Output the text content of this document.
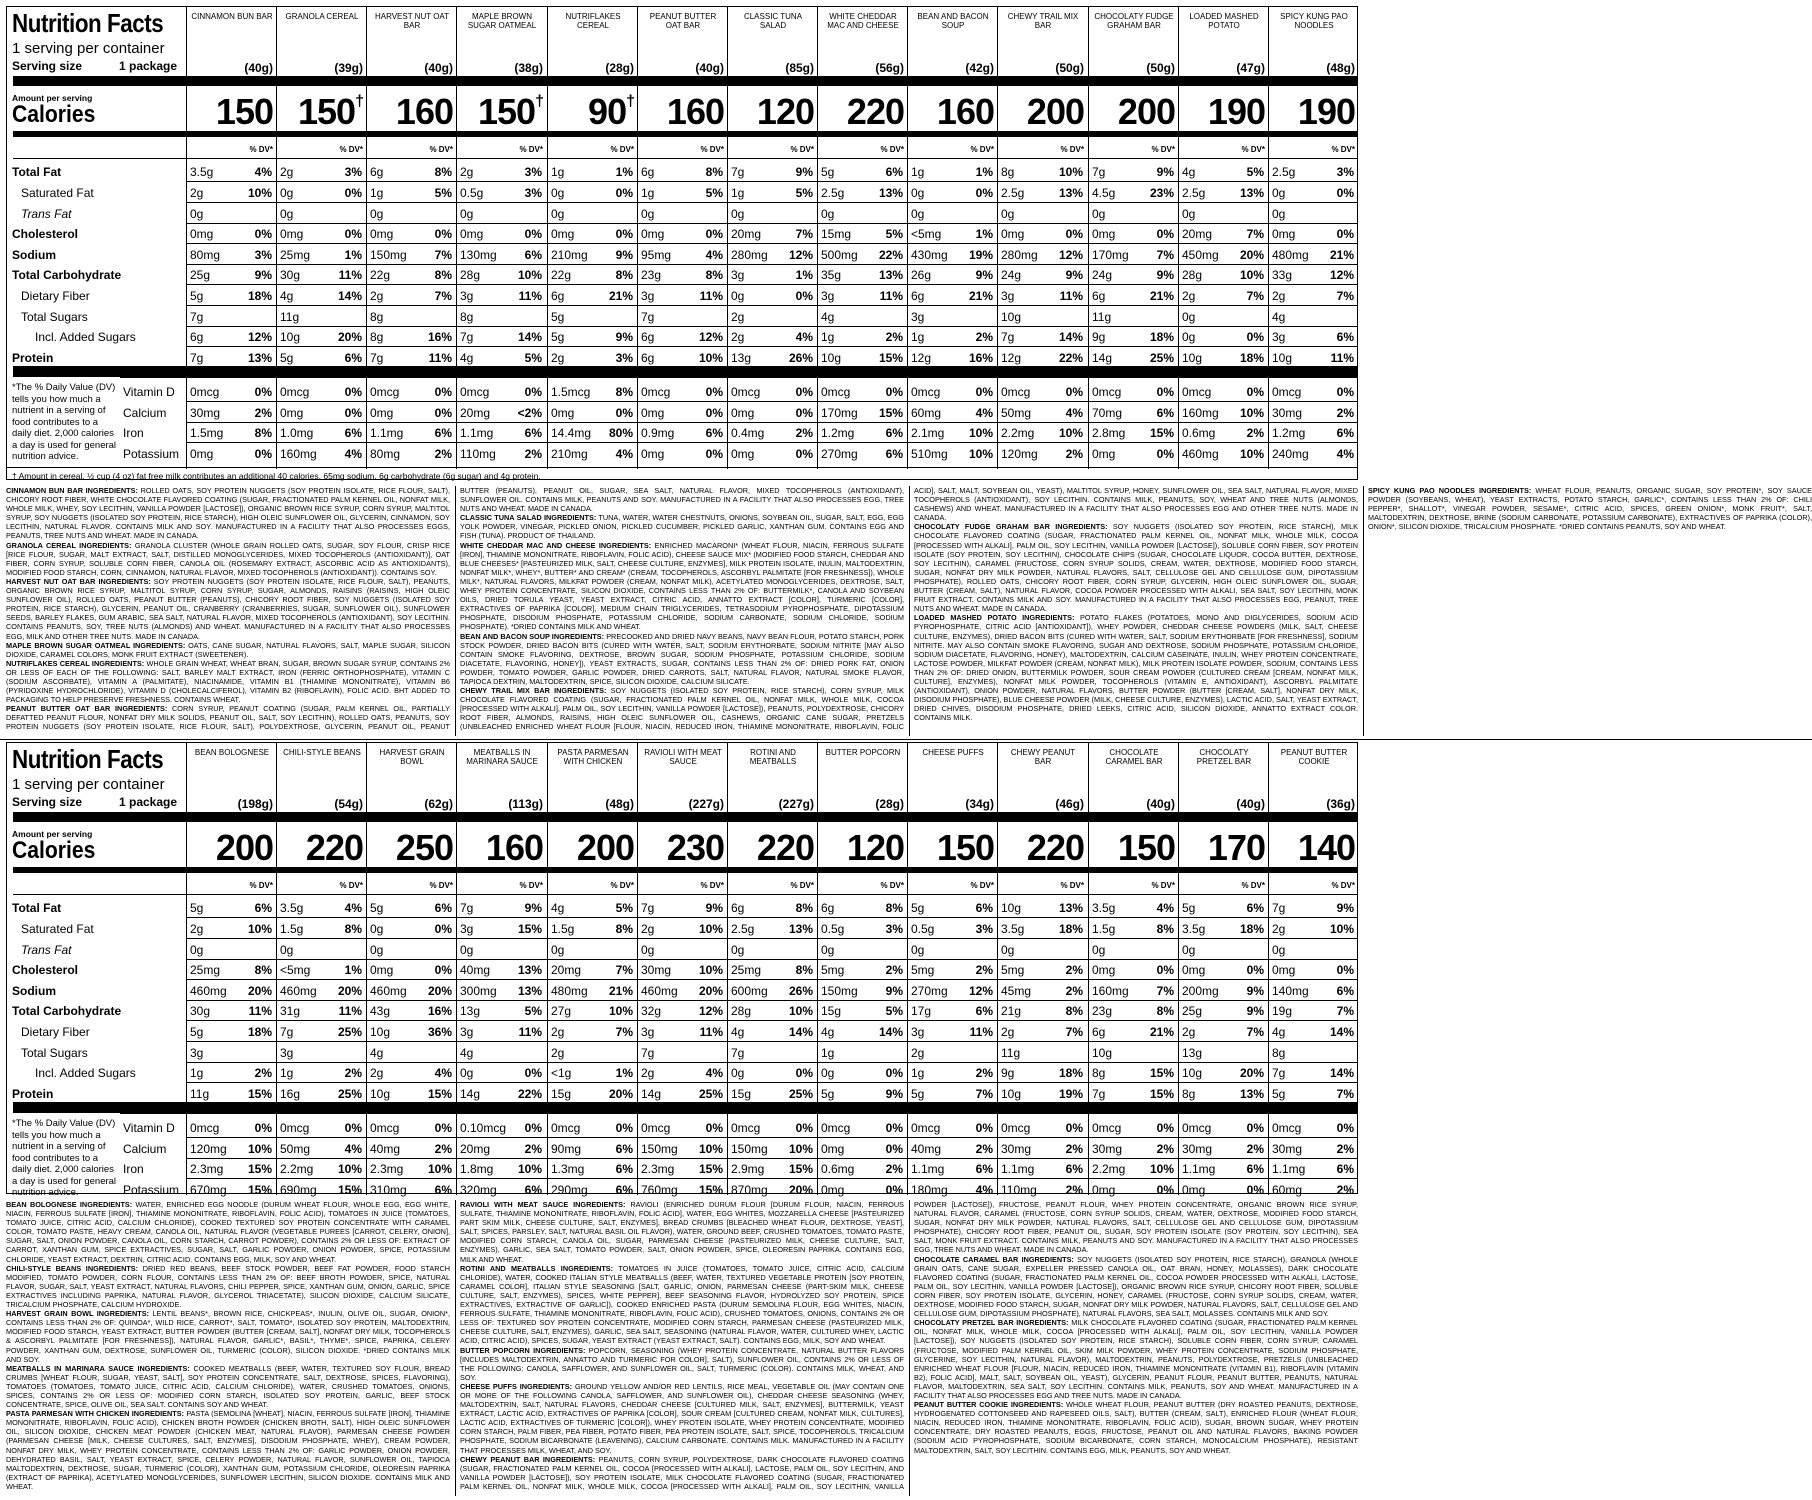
Nutrition Facts
1 serving per container
Serving size	1 package
Amount per serving
Calories
Total Fat
Saturated Fat
Trans Fat
Cholesterol
Sodium
Total Carbohydrate
Dietary Fiber
Total Sugars
Incl. Added Sugars
Protein
Vitamin D
Calcium
Iron
Potassium
*The % Daily Value (DV) tells you how much a nutrient in a serving of food contributes to a daily diet. 2,000 calories a day is used for general nutrition advice.
CINNAMON BUN BAR
(40g)
150
% DV*
3.5g	4%
2g	10%
0g
0mg	0%
80mg	3%
25g	9%
5g	18%
7g
6g	12%
7g	13%
0mcg	0%
30mg	2%
1.5mg	8%
0mg	0%
GRANOLA CEREAL
(39g)
150†
% DV*
2g	3%
0g	0%
0g
0mg	0%
25mg	1%
30g	11%
4g	14%
11g
10g	20%
5g	6%
0mcg	0%
0mg	0%
1.0mg	6%
160mg	4%
HARVEST NUT OAT BAR
(40g)
160
% DV*
6g	8%
1g	5%
0g
0mg	0%
150mg	7%
22g	8%
2g	7%
8g
8g	16%
7g	11%
0mcg	0%
0mg	0%
1.1mg	6%
80mg	2%
MAPLE BROWN SUGAR OATMEAL
(38g)
150†
% DV*
2g	3%
0.5g	3%
0g
0mg	0%
130mg	6%
28g	10%
3g	11%
8g
7g	14%
4g	5%
0mcg	0%
20mg	<2%
1.1mg	6%
110mg	2%
NUTRIFLAKES CEREAL
(28g)
90†
% DV*
1g	1%
0g	0%
0g
0mg	0%
210mg	9%
22g	8%
6g	21%
5g
5g	9%
2g	3%
1.5mcg	8%
0mg	0%
14.4mg	80%
210mg	4%
PEANUT BUTTER OAT BAR
(40g)
160
% DV*
6g	8%
1g	5%
0g
0mg	0%
95mg	4%
23g	8%
3g	11%
7g
6g	12%
6g	10%
0mcg	0%
0mg	0%
0.9mg	6%
0mg	0%
CLASSIC TUNA SALAD
(85g)
120
% DV*
7g	9%
1g	5%
0g
20mg	7%
280mg	12%
3g	1%
0g	0%
2g
2g	4%
13g	26%
0mcg	0%
0mg	0%
0.4mg	2%
0mg	0%
WHITE CHEDDAR MAC AND CHEESE
(56g)
220
% DV*
5g	6%
2.5g	13%
0g
15mg	5%
500mg	22%
35g	13%
3g	11%
4g
1g	2%
10g	15%
0mcg	0%
170mg	15%
1.2mg	6%
270mg	6%
BEAN AND BACON SOUP
(42g)
160
% DV*
1g	1%
0g	0%
0g
<5mg	1%
430mg	19%
26g	9%
6g	21%
3g
1g	2%
12g	16%
0mcg	0%
60mg	4%
2.1mg	10%
510mg	10%
CHEWY TRAIL MIX BAR
(50g)
200
% DV*
8g	10%
2.5g	13%
0g
0mg	0%
280mg	12%
24g	9%
3g	11%
10g
7g	14%
12g	22%
0mcg	0%
50mg	4%
2.2mg	10%
120mg	2%
CHOCOLATY FUDGE GRAHAM BAR
(50g)
200
% DV*
7g	9%
4.5g	23%
0g
0mg	0%
170mg	7%
24g	9%
6g	21%
11g
9g	18%
14g	25%
0mcg	0%
70mg	6%
2.8mg	15%
0mg	0%
LOADED MASHED POTATO
(47g)
190
% DV*
4g	5%
2.5g	13%
0g
20mg	7%
450mg	20%
28g	10%
2g	7%
0g
0g	0%
10g	18%
0mcg	0%
160mg	10%
0.6mg	2%
460mg	10%
SPICY KUNG PAO NOODLES
(48g)
190
% DV*
2.5g	3%
0g	0%
0g
0mg	0%
480mg	21%
33g	12%
2g	7%
4g
3g	6%
10g	11%
0mcg	0%
30mg	2%
1.2mg	6%
240mg	4%
† Amount in cereal. ½ cup (4 oz) fat free milk contributes an additional 40 calories, 65mg sodium, 6g carbohydrate (6g sugar) and 4g protein.

CINNAMON BUN BAR INGREDIENTS: ROLLED OATS, SOY PROTEIN NUGGETS (SOY PROTEIN ISOLATE, RICE FLOUR, SALT), CHICORY ROOT FIBER, WHITE CHOCOLATE FLAVORED COATING (SUGAR, FRACTIONATED PALM KERNEL OIL, NONFAT MILK, WHOLE MILK, WHEY, SOY LECITHIN, VANILLA POWDER [LACTOSE]), ORGANIC BROWN RICE SYRUP, CORN SYRUP, MALTITOL SYRUP, SOY NUGGETS (ISOLATED SOY PROTEIN, RICE STARCH), HIGH OLEIC SUNFLOWER OIL, GLYCERIN, CINNAMON, SOY LECITHIN, NATURAL FLAVOR. CONTAINS MILK AND SOY. MANUFACTURED IN A FACILITY THAT ALSO PROCESSES EGGS, PEANUTS, TREE NUTS AND WHEAT. MADE IN CANADA.

GRANOLA CEREAL INGREDIENTS: GRANOLA CLUSTER (WHOLE GRAIN ROLLED OATS, SUGAR, SOY FLOUR, CRISP RICE [RICE FLOUR, SUGAR, MALT EXTRACT, SALT, DISTILLED MONOGLYCERIDES, MIXED TOCOPHEROLS (ANTIOXIDANT)], OAT FIBER, CORN SYRUP, SOLUBLE CORN FIBER, CANOLA OIL (ROSEMARY EXTRACT, ASCORBIC ACID AS ANTIOXIDANTS), MODIFIED FOOD STARCH, CORN, CINNAMON, NATURAL FLAVOR, MIXED TOCOPHEROLS (ANTIOXIDANT)). CONTAINS SOY.

HARVEST NUT OAT BAR INGREDIENTS: SOY PROTEIN NUGGETS (SOY PROTEIN ISOLATE, RICE FLOUR, SALT), PEANUTS, ORGANIC BROWN RICE SYRUP, MALTITOL SYRUP, CORN SYRUP, SUGAR, ALMONDS, RAISINS (RAISINS, HIGH OLEIC SUNFLOWER OIL), ROLLED OATS, PEANUT BUTTER (PEANUTS), CHICORY ROOT FIBER, SOY NUGGETS (ISOLATED SOY PROTEIN, RICE STARCH), GLYCERIN, PEANUT OIL, CRANBERRY (CRANBERRIES, SUGAR, SUNFLOWER OIL), SUNFLOWER SEEDS, BARLEY FLAKES, GUM ARABIC, SEA SALT, NATURAL FLAVOR, MIXED TOCOPHEROLS (ANTIOXIDANT), SOY LECITHIN. CONTAINS PEANUTS, SOY, TREE NUTS (ALMONDS) AND WHEAT. MANUFACTURED IN A FACILITY THAT ALSO PROCESSES EGG, MILK AND OTHER TREE NUTS. MADE IN CANADA.

MAPLE BROWN SUGAR OATMEAL INGREDIENTS: OATS, CANE SUGAR, NATURAL FLAVORS, SALT, MAPLE SUGAR, SILICON DIOXIDE, CARAMEL COLORS, MONK FRUIT EXTRACT (SWEETENER).

NUTRIFLAKES CEREAL INGREDIENTS: WHOLE GRAIN WHEAT, WHEAT BRAN, SUGAR, BROWN SUGAR SYRUP, CONTAINS 2% OR LESS OF EACH OF THE FOLLOWING: SALT, BARLEY MALT EXTRACT, IRON (FERRIC ORTHOPHOSPHATE), VITAMIN C (SODIUM ASCORBATE), VITAMIN A (PALMITATE), NIACINAMIDE, VITAMIN B1 (THIAMINE MONONITRATE), VITAMIN B6 (PYRIDOXINE HYDROCHLORIDE), VITAMIN D (CHOLECALCIFEROL), VITAMIN B2 (RIBOFLAVIN), FOLIC ACID. BHT ADDED TO PACKAGING TO HELP PRESERVE FRESHNESS. CONTAINS WHEAT.

PEANUT BUTTER OAT BAR INGREDIENTS: CORN SYRUP, PEANUT COATING (SUGAR, PALM KERNEL OIL, PARTIALLY DEFATTED PEANUT FLOUR, NONFAT DRY MILK SOLIDS, PEANUT OIL, SALT, SOY LECITHIN), ROLLED OATS, PEANUTS, SOY PROTEIN NUGGETS (SOY PROTEIN ISOLATE, RICE FLOUR, SALT), POLYDEXTROSE, GLYCERIN, PEANUT OIL, PEANUT BUTTER (PEANUTS), PEANUT OIL, SUGAR, SEA SALT, NATURAL FLAVOR, MIXED TOCOPHEROLS (ANTIOXIDANT), SUNFLOWER OIL. CONTAINS MILK, PEANUTS AND SOY. MANUFACTURED IN A FACILITY THAT ALSO PROCESSES EGG, TREE NUTS AND WHEAT. MADE IN CANADA.

CLASSIC TUNA SALAD INGREDIENTS: TUNA, WATER, WATER CHESTNUTS, ONIONS, SOYBEAN OIL, SUGAR, SALT, EGG, EGG YOLK POWDER, VINEGAR, PICKLED ONION, PICKLED CUCUMBER, PICKLED GARLIC, XANTHAN GUM. CONTAINS EGG AND FISH (TUNA). PRODUCT OF THAILAND.

WHITE CHEDDAR MAC AND CHEESE INGREDIENTS: ENRICHED MACARONI* (WHEAT FLOUR, NIACIN, FERROUS SULFATE [IRON], THIAMINE MONONITRATE, RIBOFLAVIN, FOLIC ACID), CHEESE SAUCE MIX* (MODIFIED FOOD STARCH, CHEDDAR AND BLUE CHEESES* [PASTEURIZED MILK, SALT, CHEESE CULTURE, ENZYMES], MILK PROTEIN ISOLATE, INULIN, MALTODEXTRIN, NONFAT MILK*, WHEY*, BUTTER* AND CREAM* (CREAM, TOCOPHEROLS, ASCORBYL PALMITATE [FOR FRESHNESS]), WHOLE MILK*, NATURAL FLAVORS, MILKFAT POWDER (CREAM, NONFAT MILK), ACETYLATED MONOGLYCERIDES, DEXTROSE, SALT, WHEY PROTEIN CONCENTRATE, SILICON DIOXIDE, CONTAINS LESS THAN 2% OF: BUTTERMILK*, CANOLA AND SOYBEAN OILS, DRIED TORULA YEAST, YEAST EXTRACT, CITRIC ACID, ANNATTO EXTRACT [COLOR], TURMERIC [COLOR], EXTRACTIVES OF PAPRIKA [COLOR], MEDIUM CHAIN TRIGLYCERIDES, TETRASODIUM PYROPHOSPHATE, DIPOTASSIUM PHOSPHATE, DISODIUM PHOSPHATE, POTASSIUM CHLORIDE, SODIUM CARBONATE, SODIUM CHLORIDE, SODIUM PHOSPHATE). *DRIED CONTAINS MILK AND WHEAT.

BEAN AND BACON SOUP INGREDIENTS: PRECOOKED AND DRIED NAVY BEANS, NAVY BEAN FLOUR, POTATO STARCH, PORK STOCK POWDER, DRIED BACON BITS (CURED WITH WATER, SALT, SODIUM ERYTHORBATE, SODIUM NITRITE [MAY ALSO CONTAIN SMOKE FLAVORING, DEXTROSE, BROWN SUGAR, SODIUM PHOSPHATE, POTASSIUM CHLORIDE, SODIUM DIACETATE, FLAVORING, HONEY]), YEAST EXTRACTS, SUGAR, CONTAINS LESS THAN 2% OF: DRIED PORK FAT, ONION POWDER, TOMATO POWDER, GARLIC POWDER, DRIED CARROTS, SALT, NATURAL FLAVOR, NATURAL SMOKE FLAVOR, TAPIOCA DEXTRIN, MALTODEXTRIN, SPICE, SILICON DIOXIDE, CALCIUM SILICATE.

CHEWY TRAIL MIX BAR INGREDIENTS: SOY NUGGETS (ISOLATED SOY PROTEIN, RICE STARCH), CORN SYRUP, MILK CHOCOLATE FLAVORED COATING (SUGAR, FRACTIONATED PALM KERNEL OIL, NONFAT MILK, WHOLE MILK, COCOA [PROCESSED WITH ALKALI], PALM OIL, SOY LECITHIN, VANILLA POWDER [LACTOSE]), PEANUTS, POLYDEXTROSE, CHICORY ROOT FIBER, ALMONDS, RAISINS, HIGH OLEIC SUNFLOWER OIL, CASHEWS, ORGANIC CANE SUGAR, PRETZELS (UNBLEACHED ENRICHED WHEAT FLOUR [FLOUR, NIACIN, REDUCED IRON, THIAMINE MONONITRATE, RIBOFLAVIN, FOLIC ACID], SALT, MALT, SOYBEAN OIL, YEAST), MALTITOL SYRUP, HONEY, SUNFLOWER OIL, SEA SALT, NATURAL FLAVOR, MIXED TOCOPHEROLS (ANTIOXIDANT), SOY LECITHIN. CONTAINS MILK, PEANUTS, SOY, WHEAT AND TREE NUTS (ALMONDS, CASHEWS) AND WHEAT. MANUFACTURED IN A FACILITY THAT ALSO PROCESSES EGG AND OTHER TREE NUTS. MADE IN CANADA.

CHOCOLATY FUDGE GRAHAM BAR INGREDIENTS: SOY NUGGETS (ISOLATED SOY PROTEIN, RICE STARCH), MILK CHOCOLATE FLAVORED COATING (SUGAR, FRACTIONATED PALM KERNEL OIL, NONFAT MILK, WHOLE MILK, COCOA [PROCESSED WITH ALKALI], PALM OIL, SOY LECITHIN, VANILLA POWDER [LACTOSE]), SOLUBLE CORN FIBER, SOY PROTEIN ISOLATE (SOY PROTEIN, SOY LECITHIN), CHOCOLATE CHIPS (SUGAR, CHOCOLATE LIQUOR, COCOA BUTTER, DEXTROSE, SOY LECITHIN), CARAMEL (FRUCTOSE, CORN SYRUP SOLIDS, CREAM, WATER, DEXTROSE, MODIFIED FOOD STARCH, SUGAR, NONFAT DRY MILK POWDER, NATURAL FLAVORS, SALT, CELLULOSE GEL AND CELLULOSE GUM, DIPOTASSIUM PHOSPHATE), ROLLED OATS, CHICORY ROOT FIBER, CORN SYRUP, GLYCERIN, HIGH OLEIC SUNFLOWER OIL, SUGAR, BUTTER (CREAM, SALT), NATURAL FLAVOR, COCOA POWDER PROCESSED WITH ALKALI, SEA SALT, SOY LECITHIN, MONK FRUIT EXTRACT. CONTAINS MILK AND SOY. MANUFACTURED IN A FACILITY THAT ALSO PROCESSES EGG, PEANUT, TREE NUTS AND WHEAT. MADE IN CANADA.

LOADED MASHED POTATO INGREDIENTS: POTATO FLAKES (POTATOES, MONO AND DIGLYCERIDES, SODIUM ACID PYROPHOSPHATE, CITRIC ACID [ANTIOXIDANT]), WHEY POWDER, CHEDDAR CHEESE POWDERS (MILK, SALT, CHEESE CULTURE, ENZYMES), DRIED BACON BITS (CURED WITH WATER, SALT, SODIUM ERYTHORBATE [FOR FRESHNESS], SODIUM NITRITE. MAY ALSO CONTAIN SMOKE FLAVORING, SUGAR AND DEXTROSE, SODIUM PHOSPHATE, POTASSIUM CHLORIDE, SODIUM DIACETATE, FLAVORING, HONEY), MALTODEXTRIN, CALCIUM CASEINATE, INULIN, WHEY PROTEIN CONCENTRATE, LACTOSE POWDER, MILKFAT POWDER (CREAM, NONFAT MILK), MILK PROTEIN ISOLATE POWDER, SODIUM, CONTAINS LESS THAN 2% OF: DRIED ONION, BUTTERMILK POWDER, SOUR CREAM POWDER (CULTURED CREAM [CREAM, NONFAT MILK, CULTURE], ENZYMES), NONFAT MILK POWDER, TOCOPHEROLS (VITAMIN E, ANTIOXIDANT), ASCORBYL PALMITATE (ANTIOXIDANT), ONION POWDER, NATURAL FLAVORS, BUTTER POWDER (BUTTER [CREAM, SALT], NONFAT DRY MILK, DISODIUM PHOSPHATE), BLUE CHEESE POWDER (MILK, CHEESE CULTURE, ENZYMES), LACTIC ACID, SALT, YEAST EXTRACT, DRIED CHIVES, DISODIUM PHOSPHATE, DRIED LEEKS, CITRIC ACID, SILICON DIOXIDE, ANNATTO EXTRACT COLOR. CONTAINS MILK.

SPICY KUNG PAO NOODLES INGREDIENTS: WHEAT FLOUR, PEANUTS, ORGANIC SUGAR, SOY PROTEIN*, SOY SAUCE POWDER (SOYBEANS, WHEAT), YEAST EXTRACTS, POTATO STARCH, GARLIC*, CONTAINS LESS THAN 2% OF: CHILI PEPPER*, SHALLOT*, VINEGAR POWDER, SESAME*, CITRIC ACID, SPICES, GREEN ONION*, MONK FRUIT*, SALT, MALTODEXTRIN, DEXTROSE, BRINE (SODIUM CARBONATE, POTASSIUM CARBONATE), EXTRACTIVES OF PAPRIKA (COLOR), ONION*, SILICON DIOXIDE, TRICALCIUM PHOSPHATE. *DRIED CONTAINS PEANUTS, SOY AND WHEAT.

Nutrition Facts
1 serving per container
Serving size	1 package
Amount per serving
Calories
Total Fat
Saturated Fat
Trans Fat
Cholesterol
Sodium
Total Carbohydrate
Dietary Fiber
Total Sugars
Incl. Added Sugars
Protein
Vitamin D
Calcium
Iron
Potassium
*The % Daily Value (DV) tells you how much a nutrient in a serving of food contributes to a daily diet. 2,000 calories a day is used for general nutrition advice.
BEAN BOLOGNESE
(198g)
200
% DV*
5g	6%
2g	10%
0g
25mg	8%
460mg	20%
30g	11%
5g	18%
3g
1g	2%
11g	15%
0mcg	0%
120mg	10%
2.3mg	15%
670mg	15%
CHILI-STYLE BEANS
(54g)
220
% DV*
3.5g	4%
1.5g	8%
0g
<5mg	1%
460mg	20%
31g	11%
7g	25%
3g
1g	2%
16g	25%
0mcg	0%
50mg	4%
2.2mg	10%
690mg	15%
HARVEST GRAIN BOWL
(62g)
250
% DV*
5g	6%
0g	0%
0g
0mg	0%
460mg	20%
43g	16%
10g	36%
4g
2g	4%
10g	15%
0mcg	0%
40mg	2%
2.3mg	10%
310mg	6%
MEATBALLS IN MARINARA SAUCE
(113g)
160
% DV*
7g	9%
3g	15%
0g
40mg	13%
300mg	13%
13g	5%
3g	11%
4g
0g	0%
14g	22%
0.10mcg	0%
20mg	2%
1.8mg	10%
320mg	6%
PASTA PARMESAN WITH CHICKEN
(48g)
200
% DV*
4g	5%
1.5g	8%
0g
20mg	7%
480mg	21%
27g	10%
2g	7%
2g
<1g	1%
15g	20%
0mcg	0%
90mg	6%
1.3mg	6%
290mg	6%
RAVIOLI WITH MEAT SAUCE
(227g)
230
% DV*
7g	9%
2g	10%
0g
30mg	10%
460mg	20%
32g	12%
3g	11%
7g
2g	4%
14g	25%
0mcg	0%
150mg	10%
2.3mg	15%
760mg	15%
ROTINI AND MEATBALLS
(227g)
220
% DV*
6g	8%
2.5g	13%
0g
25mg	8%
600mg	26%
28g	10%
4g	14%
7g
0g	0%
15g	25%
0mcg	0%
150mg	10%
2.9mg	15%
870mg	20%
BUTTER POPCORN
(28g)
120
% DV*
6g	8%
0.5g	3%
0g
5mg	2%
150mg	9%
15g	5%
4g	14%
1g
0g	0%
5g	9%
0mcg	0%
0mg	0%
0.6mg	2%
0mg	0%
CHEESE PUFFS
(34g)
150
% DV*
5g	6%
0.5g	3%
0g
5mg	2%
270mg	12%
17g	6%
3g	11%
2g
1g	2%
5g	7%
0mcg	0%
40mg	2%
1.1mg	6%
180mg	4%
CHEWY PEANUT BAR
(46g)
220
% DV*
10g	13%
3.5g	18%
0g
5mg	2%
45mg	2%
21g	8%
2g	7%
11g
9g	18%
10g	19%
0mcg	0%
30mg	2%
1.1mg	6%
110mg	2%
CHOCOLATE CARAMEL BAR
(40g)
150
% DV*
3.5g	4%
1.5g	8%
0g
0mg	0%
160mg	7%
23g	8%
6g	21%
10g
8g	15%
7g	15%
0mcg	0%
30mg	2%
2.2mg	10%
0mg	0%
CHOCOLATY PRETZEL BAR
(40g)
170
% DV*
5g	6%
3.5g	18%
0g
0mg	0%
200mg	9%
25g	9%
2g	7%
13g
10g	20%
8g	13%
0mcg	0%
30mg	2%
1.1mg	6%
0mg	0%
PEANUT BUTTER COOKIE
(36g)
140
% DV*
7g	9%
2g	10%
0g
0mg	0%
140mg	6%
19g	7%
4g	14%
8g
7g	14%
5g	7%
0mcg	0%
30mg	2%
1.1mg	6%
60mg	2%

BEAN BOLOGNESE INGREDIENTS: WATER, ENRICHED EGG NOODLE (DURUM WHEAT FLOUR, WHOLE EGG, EGG WHITE, NIACIN, FERROUS SULFATE [IRON], THIAMINE MONONITRATE, RIBOFLAVIN, FOLIC ACID), TOMATOES IN JUICE (TOMATOES, TOMATO JUICE, CITRIC ACID, CALCIUM CHLORIDE), COOKED TEXTURED SOY PROTEIN CONCENTRATE WITH CARAMEL COLOR, TOMATO PASTE, HEAVY CREAM, CANOLA OIL, NATURAL FLAVOR (VEGETABLE PUREES [CARROT, CELERY, ONION], SUGAR, SALT, ONION POWDER, CANOLA OIL, CORN STARCH, CARROT POWDER), CONTAINS 2% OR LESS OF: EXTRACT OF CARROT, XANTHAN GUM, SPICE EXTRACTIVES, SUGAR, SALT, GARLIC POWDER, ONION POWDER, SPICE, POTASSIUM CHLORIDE, YEAST EXTRACT, DEXTRIN, CITRIC ACID. CONTAINS EGG, MILK, SOY AND WHEAT.

CHILI-STYLE BEANS INGREDIENTS: DRIED RED BEANS, BEEF STOCK POWDER, BEEF FAT POWDER, FOOD STARCH MODIFIED, TOMATO POWDER, CORN FLOUR, CONTAINS LESS THAN 2% OF: BEEF BROTH POWDER, SPICE, NATURAL FLAVOR, SUGAR, SALT, YEAST EXTRACT, NATURAL FLAVORS, CHILI PEPPER, SPICE, XANTHAN GUM, ONION, GARLIC, SPICE EXTRACTIVES INCLUDING PAPRIKA, NATURAL FLAVOR, GLYCEROL TRIACETATE), SILICON DIOXIDE, CALCIUM SILICATE, TRICALCIUM PHOSPHATE, CALCIUM HYDROXIDE.

HARVEST GRAIN BOWL INGREDIENTS: LENTIL BEANS*, BROWN RICE, CHICKPEAS*, INULIN, OLIVE OIL, SUGAR, ONION*, CONTAINS LESS THAN 2% OF: QUINOA*, WILD RICE, CARROT*, SALT, TOMATO*, ISOLATED SOY PROTEIN, MALTODEXTRIN, MODIFIED FOOD STARCH, YEAST EXTRACT, BUTTER POWDER (BUTTER [CREAM, SALT], NONFAT DRY MILK, TOCOPHEROLS & ASCORBYL PALMITATE [FOR FRESHNESS]), NATURAL FLAVOR, GARLIC*, BASIL*, THYME*, SPICE, PAPRIKA, CELERY POWDER, XANTHAN GUM, DEXTROSE, SUNFLOWER OIL, TURMERIC (COLOR), SILICON DIOXIDE. *DRIED CONTAINS MILK AND SOY.

MEATBALLS IN MARINARA SAUCE INGREDIENTS: COOKED MEATBALLS (BEEF, WATER, TEXTURED SOY FLOUR, BREAD CRUMBS [WHEAT FLOUR, SUGAR, YEAST, SALT], SOY PROTEIN CONCENTRATE, SALT, DEXTROSE, SPICES, FLAVORING), TOMATOES (TOMATOES, TOMATO JUICE, CITRIC ACID, CALCIUM CHLORIDE), WATER, CRUSHED TOMATOES, ONIONS, SPICES, CONTAINS 2% OR LESS OF: MODIFIED CORN STARCH, ISOLATED SOY PROTEIN, GARLIC, BEEF STOCK CONCENTRATE, SPICE, OLIVE OIL, SEA SALT. CONTAINS SOY AND WHEAT.

PASTA PARMESAN WITH CHICKEN INGREDIENTS: PASTA (SEMOLINA [WHEAT], NIACIN, FERROUS SULFATE [IRON], THIAMINE MONONITRATE, RIBOFLAVIN, FOLIC ACID), CHICKEN BROTH POWDER (CHICKEN BROTH, SALT), HIGH OLEIC SUNFLOWER OIL, SILICON DIOXIDE, CHICKEN MEAT POWDER (CHICKEN MEAT, NATURAL FLAVOR), PARMESAN CHEESE POWDER (PARMESAN CHEESE [MILK, CHEESE CULTURES, SALT, ENZYMES], DISODIUM PHOSPHATE, WHEY), CREAM POWDER, NONFAT DRY MILK, WHEY PROTEIN CONCENTRATE, CONTAINS LESS THAN 2% OF: GARLIC POWDER, ONION POWDER, DEHYDRATED BASIL, SALT, YEAST EXTRACT, SPICE, CELERY POWDER, NATURAL FLAVOR, SUNFLOWER OIL, TAPIOCA MALTODEXTRIN, DEXTROSE, SUGAR, TURMERIC (COLOR), XANTHAN GUM, POTASSIUM CHLORIDE, OLEORESIN PAPRIKA (EXTRACT OF PAPRIKA), ACETYLATED MONOGLYCERIDES, SUNFLOWER LECITHIN, SILICON DIOXIDE. CONTAINS MILK AND WHEAT.

RAVIOLI WITH MEAT SAUCE INGREDIENTS: RAVIOLI (ENRICHED DURUM FLOUR [DURUM FLOUR, NIACIN, FERROUS SULFATE, THIAMINE MONONITRATE, RIBOFLAVIN, FOLIC ACID], WATER, EGG WHITES, MOZZARELLA CHEESE [PASTEURIZED PART SKIM MILK, CHEESE CULTURE, SALT, ENZYMES], BREAD CRUMBS [BLEACHED WHEAT FLOUR, DEXTROSE, YEAST], SALT, SPICES, PARSLEY, SALT, NATURAL BASIL OIL FLAVOR), WATER, GROUND BEEF, CRUSHED TOMATOES, TOMATO PASTE, MODIFIED CORN STARCH, CANOLA OIL, SUGAR, PARMESAN CHEESE (PASTEURIZED MILK, CHEESE CULTURE, SALT, ENZYMES), GARLIC, SEA SALT, TOMATO POWDER, SALT, ONION POWDER, SPICE, OLEORESIN PAPRIKA. CONTAINS EGG, MILK AND WHEAT.

ROTINI AND MEATBALLS INGREDIENTS: TOMATOES IN JUICE (TOMATOES, TOMATO JUICE, CITRIC ACID, CALCIUM CHLORIDE), WATER, COOKED ITALIAN STYLE MEATBALLS (BEEF, WATER, TEXTURED VEGETABLE PROTEIN [SOY PROTEIN, CARAMEL COLOR], ITALIAN STYLE SEASONING [SALT, GARLIC, ONION, PARMESAN CHEESE (PART-SKIM MILK, CHEESE CULTURE, SALT, ENZYMES), SPICES, WHITE PEPPER], BEEF SEASONING FLAVOR, HYDROLYZED SOY PROTEIN, SPICE EXTRACTIVES, EXTRACTIVE OF GARLIC]), COOKED ENRICHED PASTA (DURUM SEMOLINA FLOUR, EGG WHITES, NIACIN, FERROUS SULFATE, THIAMINE MONONITRATE, RIBOFLAVIN, FOLIC ACID), CRUSHED TOMATOES, ONIONS, CONTAINS 2% OR LESS OF: TEXTURED SOY PROTEIN CONCENTRATE, MODIFIED CORN STARCH, PARMESAN CHEESE (PASTEURIZED MILK, CHEESE CULTURE, SALT, ENZYMES), GARLIC, SEA SALT, SEASONING (NATURAL FLAVOR, WATER, CULTURED WHEY, LACTIC ACID, CITRIC ACID), SPICES, SUGAR, YEAST EXTRACT (YEAST EXTRACT, SALT). CONTAINS EGG, MILK, SOY AND WHEAT.

BUTTER POPCORN INGREDIENTS: POPCORN, SEASONING (WHEY PROTEIN CONCENTRATE, NATURAL BUTTER FLAVORS [INCLUDES MALTODEXTRIN, ANNATTO AND TURMERIC FOR COLOR], SALT), SUNFLOWER OIL, CONTAINS 2% OR LESS OF THE FOLLOWING: CANOLA, SAFFLOWER, AND SUNFLOWER OIL, SALT, TURMERIC (COLOR). CONTAINS MILK, WHEAT, AND SOY.

CHEESE PUFFS INGREDIENTS: GROUND YELLOW AND/OR RED LENTILS, RICE MEAL, VEGETABLE OIL (MAY CONTAIN ONE OR MORE OF THE FOLLOWING CANOLA, SAFFLOWER, AND SUNFLOWER OIL), CHEDDAR CHEESE SEASONING (WHEY, MALTODEXTRIN, SALT, NATURAL FLAVORS, CHEDDAR CHEESE [CULTURED MILK, SALT, ENZYMES], BUTTERMILK, YEAST EXTRACT, LACTIC ACID, EXTRACTIVES OF PAPRIKA [COLOR], SOUR CREAM [CULTURED CREAM, NONFAT MILK, CULTURES], LACTIC ACID, EXTRACTIVES OF TURMERIC [COLOR]), WHEY PROTEIN ISOLATE, WHEY PROTEIN CONCENTRATE, MODIFIED CORN STARCH, PALM FIBER, PEA FIBER, POTATO FIBER, PEA PROTEIN ISOLATE, SALT, SPICE, TOCOPHEROLS, TRICALCIUM PHOSPHATE, SODIUM BICARBONATE (LEAVENING), CALCIUM CARBONATE. CONTAINS MILK. MANUFACTURED IN A FACILITY THAT PROCESSES MILK, WHEAT, AND SOY.

CHEWY PEANUT BAR INGREDIENTS: PEANUTS, CORN SYRUP, POLYDEXTROSE, DARK CHOCOLATE FLAVORED COATING (SUGAR, FRACTIONATED PALM KERNEL OIL, COCOA [PROCESSED WITH ALKALI], LACTOSE, PALM OIL, SOY LECITHIN, AND VANILLA POWDER [LACTOSE]), SOY PROTEIN ISOLATE, MILK CHOCOLATE FLAVORED COATING (SUGAR, FRACTIONATED PALM KERNEL OIL, NONFAT MILK, WHOLE MILK, COCOA [PROCESSED WITH ALKALI], PALM OIL, SOY LECITHIN, VANILLA POWDER [LACTOSE]), FRUCTOSE, PEANUT FLOUR, WHEY PROTEIN CONCENTRATE, ORGANIC BROWN RICE SYRUP, NATURAL FLAVOR, CARAMEL (FRUCTOSE, CORN SYRUP SOLIDS, CREAM, WATER, DEXTROSE, MODIFIED FOOD STARCH, SUGAR, NONFAT DRY MILK POWDER, NATURAL FLAVORS, SALT, CELLULOSE GEL AND CELLULOSE GUM, DIPOTASSIUM PHOSPHATE), CHICORY ROOT FIBER, PEANUT OIL, SUGAR, SOY PROTEIN ISOLATE (SOY PROTEIN, SOY LECITHIN), SEA SALT, MONK FRUIT EXTRACT. CONTAINS MILK, PEANUTS AND SOY. MANUFACTURED IN A FACILITY THAT ALSO PROCESSES EGG, TREE NUTS AND WHEAT. MADE IN CANADA.

CHOCOLATE CARAMEL BAR INGREDIENTS: SOY NUGGETS (ISOLATED SOY PROTEIN, RICE STARCH), GRANOLA (WHOLE GRAIN OATS, CANE SUGAR, EXPELLER PRESSED CANOLA OIL, OAT BRAN, HONEY, MOLASSES), DARK CHOCOLATE FLAVORED COATING (SUGAR, FRACTIONATED PALM KERNEL OIL, COCOA POWDER PROCESSED WITH ALKALI, LACTOSE, PALM OIL, SOY LECITHIN, VANILLA POWDER [LACTOSE]), ORGANIC BROWN RICE SYRUP, CHICORY ROOT FIBER, SOLUBLE CORN FIBER, SOY PROTEIN ISOLATE, GLYCERIN, HONEY, CARAMEL (FRUCTOSE, CORN SYRUP SOLIDS, CREAM, WATER, DEXTROSE, MODIFIED FOOD STARCH, SUGAR, NONFAT DRY MILK POWDER, NATURAL FLAVORS, SALT, CELLULOSE GEL AND CELLULOSE GUM, DIPOTASSIUM PHOSPHATE), NATURAL FLAVORS, SEA SALT, MOLASSES. CONTAINS MILK AND SOY.

CHOCOLATY PRETZEL BAR INGREDIENTS: MILK CHOCOLATE FLAVORED COATING (SUGAR, FRACTIONATED PALM KERNEL OIL, NONFAT MILK, WHOLE MILK, COCOA [PROCESSED WITH ALKALI], PALM OIL, SOY LECITHIN, VANILLA POWDER [LACTOSE]), SOY NUGGETS (ISOLATED SOY PROTEIN, RICE STARCH), SOLUBLE CORN FIBER, CORN SYRUP, CARAMEL (FRUCTOSE, MODIFIED PALM KERNEL OIL, SKIM MILK POWDER, WHEY PROTEIN CONCENTRATE, SODIUM PHOSPHATE, GLYCERINE, SOY LECITHIN, NATURAL FLAVOR), MALTODEXTRIN, PEANUTS, POLYDEXTROSE, PRETZELS (UNBLEACHED ENRICHED WHEAT FLOUR [FLOUR, NIACIN, REDUCED IRON, THIAMINE MONONITRATE (VITAMIN B1), RIBOFLAVIN (VITAMIN B2), FOLIC ACID], MALT, SALT, SOYBEAN OIL, YEAST), GLYCERIN, PEANUT FLOUR, PEANUT BUTTER, PEANUTS, NATURAL FLAVOR, MALTODEXTRIN, SEA SALT, SOY LECITHIN. CONTAINS MILK, PEANUTS, SOY AND WHEAT. MANUFACTURED IN A FACILITY THAT ALSO PROCESSES EGG AND TREE NUTS. MADE IN CANADA.

PEANUT BUTTER COOKIE INGREDIENTS: WHOLE WHEAT FLOUR, PEANUT BUTTER (DRY ROASTED PEANUTS, DEXTROSE, HYDROGENATED COTTONSEED AND RAPESEED OILS, SALT), BUTTER (CREAM, SALT), ENRICHED FLOUR (WHEAT FLOUR, NIACIN, REDUCED IRON, THIAMINE MONONITRATE, RIBOFLAVIN, FOLIC ACID), SUGAR, BROWN SUGAR, WHEY PROTEIN CONCENTRATE, DRY ROASTED PEANUTS, EGGS, FRUCTOSE, PEANUT OIL AND NATURAL FLAVORS, BAKING POWDER (SODIUM ACID PYROPHOSPHATE, SODIUM BICARBONATE, CORN STARCH, MONOCALCIUM PHOSPHATE), RESISTANT MALTODEXTRIN, SALT, SOY LECITHIN. CONTAINS EGG, MILK, PEANUTS, SOY AND WHEAT.
